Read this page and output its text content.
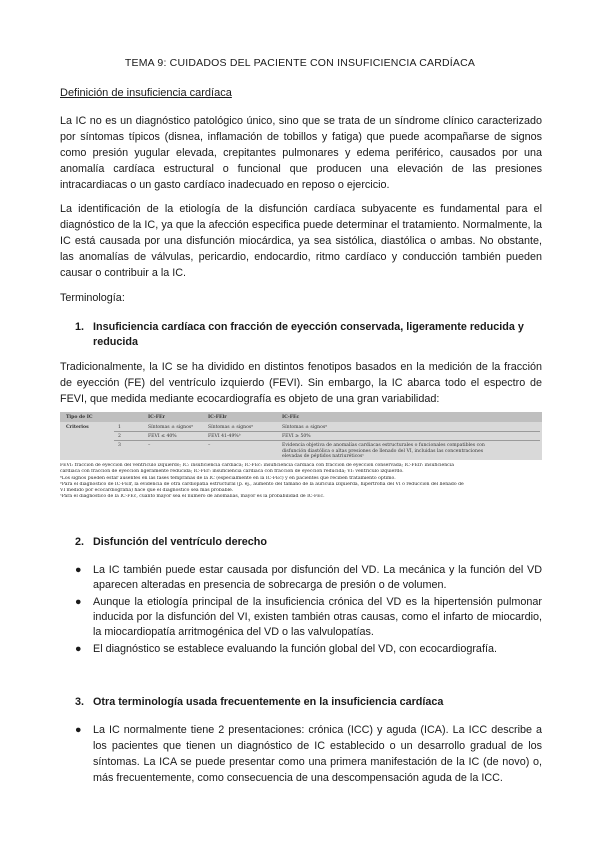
TEMA 9: CUIDADOS DEL PACIENTE CON INSUFICIENCIA CARDÍACA
Definición de insuficiencia cardíaca

La IC no es un diagnóstico patológico único, sino que se trata de un síndrome clínico caracterizado por síntomas típicos (disnea, inflamación de tobillos y fatiga) que puede acompañarse de signos como presión yugular elevada, crepitantes pulmonares y edema periférico, causados por una anomalía cardíaca estructural o funcional que producen una elevación de las presiones intracardiacas o un gasto cardíaco inadecuado en reposo o ejercicio.

La identificación de la etiología de la disfunción cardíaca subyacente es fundamental para el diagnóstico de la IC, ya que la afección especifica puede determinar el tratamiento. Normalmente, la IC está causada por una disfunción miocárdica, ya sea sistólica, diastólica o ambas. No obstante, las anomalías de válvulas, pericardio, endocardio, ritmo cardíaco y conducción también pueden causar o contribuir a la IC.

Terminología:

1. Insuficiencia cardíaca con fracción de eyección conservada, ligeramente reducida y reducida

Tradicionalmente, la IC se ha dividido en distintos fenotipos basados en la medición de la fracción de eyección (FE) del ventrículo izquierdo (FEVI). Sin embargo, la IC abarca todo el espectro de FEVI, que medida mediante ecocardiografía es objeto de una gran variabilidad:

Tipo de IC	IC-FEr	IC-FElr	IC-FEc
Criterios	1	Síntomas ± signosᵃ	Síntomas ± signosᵃ	Síntomas ± signosᵃ
2	FEVI ≤ 40%	FEVI 41-49%ᵇ	FEVI ≥ 50%
3	–	–	Evidencia objetiva de anomalías cardiacas estructurales o funcionales compatibles con disfunción diastólica o altas presiones de llenado del VI, incluidas las concentraciones elevadas de péptidos natriuréticosᶜ
FEVI: fracción de eyección del ventrículo izquierdo; IC: insuficiencia cardiaca; IC-FEc: insuficiencia cardiaca con fracción de eyección conservada; IC-FElr: insuficiencia
cardiaca con fracción de eyección ligeramente reducida; IC-FEr: insuficiencia cardiaca con fracción de eyección reducida; VI: ventrículo izquierdo.
ᵃLos signos pueden estar ausentes en las fases tempranas de la IC (especialmente en la IC-FEc) y en pacientes que reciben tratamiento óptimo.
ᵇPara el diagnóstico de IC-FElr, la evidencia de otra cardiopatía estructural (p. ej., aumento del tamaño de la aurícula izquierda, hipertrofia del VI o reducción del llenado de
VI medido por ecocardiografía) hace que el diagnóstico sea más probable.
ᶜPara el diagnóstico de la IC-FEc, cuanto mayor sea el número de anomalías, mayor es la probabilidad de IC-FEc.
2. Disfunción del ventrículo derecho
● La IC también puede estar causada por disfunción del VD. La mecánica y la función del VD aparecen alteradas en presencia de sobrecarga de presión o de volumen.
● Aunque la etiología principal de la insuficiencia crónica del VD es la hipertensión pulmonar inducida por la disfunción del VI, existen también otras causas, como el infarto de miocardio, la miocardiopatía arritmogénica del VD o las valvulopatías.
● El diagnóstico se establece evaluando la función global del VD, con ecocardiografía.
3. Otra terminología usada frecuentemente en la insuficiencia cardíaca
● La IC normalmente tiene 2 presentaciones: crónica (ICC) y aguda (ICA). La ICC describe a los pacientes que tienen un diagnóstico de IC establecido o un desarrollo gradual de los síntomas. La ICA se puede presentar como una primera manifestación de la IC (de novo) o, más frecuentemente, como consecuencia de una descompensación aguda de la ICC.
